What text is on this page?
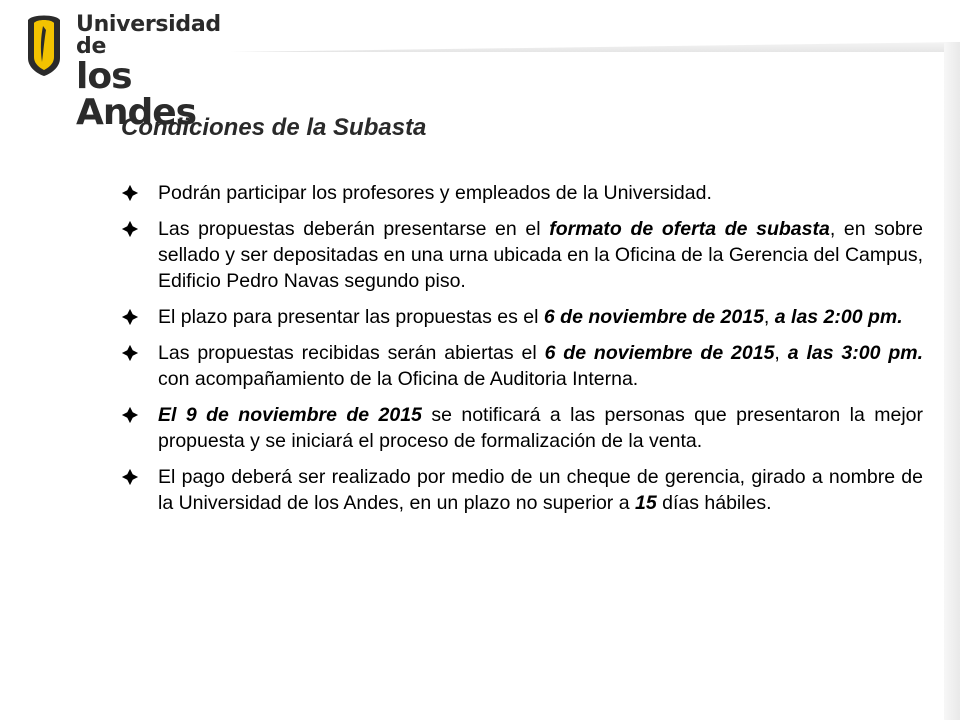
Universidad de
los Andes
Condiciones de la Subasta
Podrán participar los profesores y empleados de la Universidad.
Las propuestas deberán presentarse en el formato de oferta de subasta, en sobre sellado y ser depositadas en una urna ubicada en la Oficina de la Gerencia del Campus, Edificio Pedro Navas segundo piso.
El plazo para presentar las propuestas es el 6 de noviembre de 2015, a las 2:00 pm.
Las propuestas recibidas serán abiertas el 6 de noviembre de 2015, a las 3:00 pm. con acompañamiento de la Oficina de Auditoria Interna.
El 9 de noviembre de 2015 se notificará a las personas que presentaron la mejor propuesta y se iniciará el proceso de formalización de la venta.
El pago deberá ser realizado por medio de un cheque de gerencia, girado a nombre de la Universidad de los Andes, en un plazo no superior a 15 días hábiles.
